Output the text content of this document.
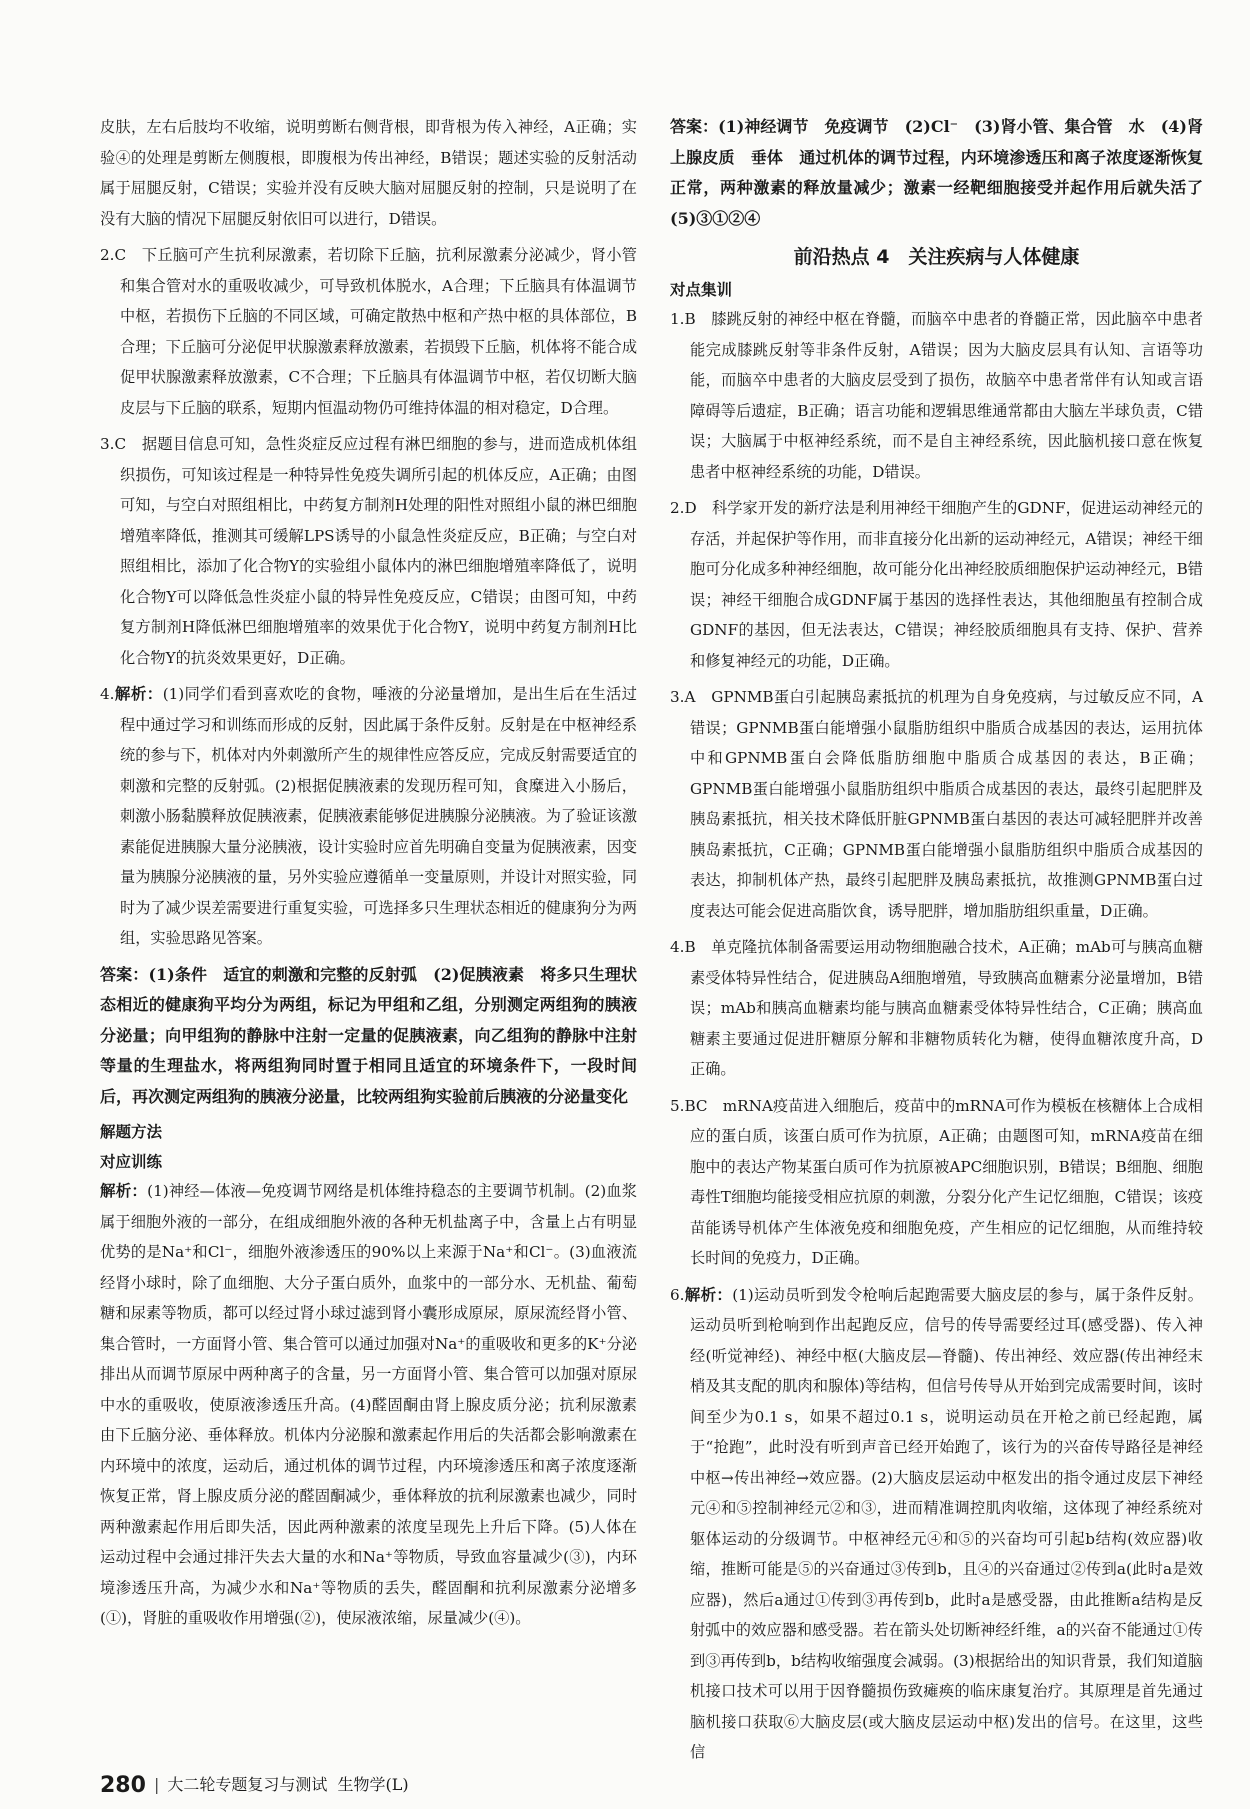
皮肤，左右后肢均不收缩，说明剪断右侧背根，即背根为传入神经，A正确；实验④的处理是剪断左侧腹根，即腹根为传出神经，B错误；题述实验的反射活动属于屈腿反射，C错误；实验并没有反映大脑对屈腿反射的控制，只是说明了在没有大脑的情况下屈腿反射依旧可以进行，D错误。

2.C　下丘脑可产生抗利尿激素，若切除下丘脑，抗利尿激素分泌减少，肾小管和集合管对水的重吸收减少，可导致机体脱水，A合理；下丘脑具有体温调节中枢，若损伤下丘脑的不同区域，可确定散热中枢和产热中枢的具体部位，B合理；下丘脑可分泌促甲状腺激素释放激素，若损毁下丘脑，机体将不能合成促甲状腺激素释放激素，C不合理；下丘脑具有体温调节中枢，若仅切断大脑皮层与下丘脑的联系，短期内恒温动物仍可维持体温的相对稳定，D合理。

3.C　据题目信息可知，急性炎症反应过程有淋巴细胞的参与，进而造成机体组织损伤，可知该过程是一种特异性免疫失调所引起的机体反应，A正确；由图可知，与空白对照组相比，中药复方制剂H处理的阳性对照组小鼠的淋巴细胞增殖率降低，推测其可缓解LPS诱导的小鼠急性炎症反应，B正确；与空白对照组相比，添加了化合物Y的实验组小鼠体内的淋巴细胞增殖率降低了，说明化合物Y可以降低急性炎症小鼠的特异性免疫反应，C错误；由图可知，中药复方制剂H降低淋巴细胞增殖率的效果优于化合物Y，说明中药复方制剂H比化合物Y的抗炎效果更好，D正确。

4.解析：(1)同学们看到喜欢吃的食物，唾液的分泌量增加，是出生后在生活过程中通过学习和训练而形成的反射，因此属于条件反射。反射是在中枢神经系统的参与下，机体对内外刺激所产生的规律性应答反应，完成反射需要适宜的刺激和完整的反射弧。(2)根据促胰液素的发现历程可知，食糜进入小肠后，刺激小肠黏膜释放促胰液素，促胰液素能够促进胰腺分泌胰液。为了验证该激素能促进胰腺大量分泌胰液，设计实验时应首先明确自变量为促胰液素，因变量为胰腺分泌胰液的量，另外实验应遵循单一变量原则，并设计对照实验，同时为了减少误差需要进行重复实验，可选择多只生理状态相近的健康狗分为两组，实验思路见答案。

答案：(1)条件　适宜的刺激和完整的反射弧　(2)促胰液素　将多只生理状态相近的健康狗平均分为两组，标记为甲组和乙组，分别测定两组狗的胰液分泌量；向甲组狗的静脉中注射一定量的促胰液素，向乙组狗的静脉中注射等量的生理盐水，将两组狗同时置于相同且适宜的环境条件下，一段时间后，再次测定两组狗的胰液分泌量，比较两组狗实验前后胰液的分泌量变化

解题方法
对应训练

解析：(1)神经—体液—免疫调节网络是机体维持稳态的主要调节机制。(2)血浆属于细胞外液的一部分，在组成细胞外液的各种无机盐离子中，含量上占有明显优势的是Na⁺和Cl⁻，细胞外液渗透压的90%以上来源于Na⁺和Cl⁻。(3)血液流经肾小球时，除了血细胞、大分子蛋白质外，血浆中的一部分水、无机盐、葡萄糖和尿素等物质，都可以经过肾小球过滤到肾小囊形成原尿，原尿流经肾小管、集合管时，一方面肾小管、集合管可以通过加强对Na⁺的重吸收和更多的K⁺分泌排出从而调节原尿中两种离子的含量，另一方面肾小管、集合管可以加强对原尿中水的重吸收，使原液渗透压升高。(4)醛固酮由肾上腺皮质分泌；抗利尿激素由下丘脑分泌、垂体释放。机体内分泌腺和激素起作用后的失活都会影响激素在内环境中的浓度，运动后，通过机体的调节过程，内环境渗透压和离子浓度逐渐恢复正常，肾上腺皮质分泌的醛固酮减少，垂体释放的抗利尿激素也减少，同时两种激素起作用后即失活，因此两种激素的浓度呈现先上升后下降。(5)人体在运动过程中会通过排汗失去大量的水和Na⁺等物质，导致血容量减少(③)，内环境渗透压升高，为减少水和Na⁺等物质的丢失，醛固酮和抗利尿激素分泌增多(①)，肾脏的重吸收作用增强(②)，使尿液浓缩，尿量减少(④)。

答案：(1)神经调节　免疫调节　(2)Cl⁻　(3)肾小管、集合管　水　(4)肾上腺皮质　垂体　通过机体的调节过程，内环境渗透压和离子浓度逐渐恢复正常，两种激素的释放量减少；激素一经靶细胞接受并起作用后就失活了　(5)③①②④

前沿热点 4　关注疾病与人体健康
对点集训

1.B　膝跳反射的神经中枢在脊髓，而脑卒中患者的脊髓正常，因此脑卒中患者能完成膝跳反射等非条件反射，A错误；因为大脑皮层具有认知、言语等功能，而脑卒中患者的大脑皮层受到了损伤，故脑卒中患者常伴有认知或言语障碍等后遗症，B正确；语言功能和逻辑思维通常都由大脑左半球负责，C错误；大脑属于中枢神经系统，而不是自主神经系统，因此脑机接口意在恢复患者中枢神经系统的功能，D错误。

2.D　科学家开发的新疗法是利用神经干细胞产生的GDNF，促进运动神经元的存活，并起保护等作用，而非直接分化出新的运动神经元，A错误；神经干细胞可分化成多种神经细胞，故可能分化出神经胶质细胞保护运动神经元，B错误；神经干细胞合成GDNF属于基因的选择性表达，其他细胞虽有控制合成GDNF的基因，但无法表达，C错误；神经胶质细胞具有支持、保护、营养和修复神经元的功能，D正确。

3.A　GPNMB蛋白引起胰岛素抵抗的机理为自身免疫病，与过敏反应不同，A错误；GPNMB蛋白能增强小鼠脂肪组织中脂质合成基因的表达，运用抗体中和GPNMB蛋白会降低脂肪细胞中脂质合成基因的表达，B正确；GPNMB蛋白能增强小鼠脂肪组织中脂质合成基因的表达，最终引起肥胖及胰岛素抵抗，相关技术降低肝脏GPNMB蛋白基因的表达可减轻肥胖并改善胰岛素抵抗，C正确；GPNMB蛋白能增强小鼠脂肪组织中脂质合成基因的表达，抑制机体产热，最终引起肥胖及胰岛素抵抗，故推测GPNMB蛋白过度表达可能会促进高脂饮食，诱导肥胖，增加脂肪组织重量，D正确。

4.B　单克隆抗体制备需要运用动物细胞融合技术，A正确；mAb可与胰高血糖素受体特异性结合，促进胰岛A细胞增殖，导致胰高血糖素分泌量增加，B错误；mAb和胰高血糖素均能与胰高血糖素受体特异性结合，C正确；胰高血糖素主要通过促进肝糖原分解和非糖物质转化为糖，使得血糖浓度升高，D正确。

5.BC　mRNA疫苗进入细胞后，疫苗中的mRNA可作为模板在核糖体上合成相应的蛋白质，该蛋白质可作为抗原，A正确；由题图可知，mRNA疫苗在细胞中的表达产物某蛋白质可作为抗原被APC细胞识别，B错误；B细胞、细胞毒性T细胞均能接受相应抗原的刺激，分裂分化产生记忆细胞，C错误；该疫苗能诱导机体产生体液免疫和细胞免疫，产生相应的记忆细胞，从而维持较长时间的免疫力，D正确。

6.解析：(1)运动员听到发令枪响后起跑需要大脑皮层的参与，属于条件反射。运动员听到枪响到作出起跑反应，信号的传导需要经过耳(感受器)、传入神经(听觉神经)、神经中枢(大脑皮层—脊髓)、传出神经、效应器(传出神经末梢及其支配的肌肉和腺体)等结构，但信号传导从开始到完成需要时间，该时间至少为0.1 s，如果不超过0.1 s，说明运动员在开枪之前已经起跑，属于“抢跑”，此时没有听到声音已经开始跑了，该行为的兴奋传导路径是神经中枢→传出神经→效应器。(2)大脑皮层运动中枢发出的指令通过皮层下神经元④和⑤控制神经元②和③，进而精准调控肌肉收缩，这体现了神经系统对躯体运动的分级调节。中枢神经元④和⑤的兴奋均可引起b结构(效应器)收缩，推断可能是⑤的兴奋通过③传到b，且④的兴奋通过②传到a(此时a是效应器)，然后a通过①传到③再传到b，此时a是感受器，由此推断a结构是反射弧中的效应器和感受器。若在箭头处切断神经纤维，a的兴奋不能通过①传到③再传到b，b结构收缩强度会减弱。(3)根据给出的知识背景，我们知道脑机接口技术可以用于因脊髓损伤致瘫痪的临床康复治疗。其原理是首先通过脑机接口获取⑥大脑皮层(或大脑皮层运动中枢)发出的信号。在这里，这些信

280 | 大二轮专题复习与测试 生物学(L)
